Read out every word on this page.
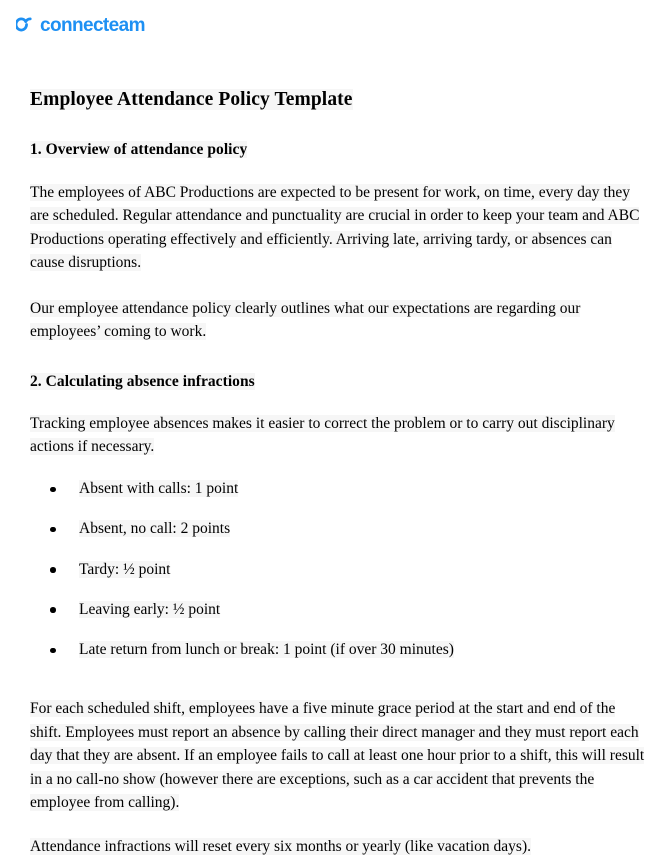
connecteam
Employee Attendance Policy Template
1. Overview of attendance policy

The employees of ABC Productions are expected to be present for work, on time, every day they are scheduled. Regular attendance and punctuality are crucial in order to keep your team and ABC Productions operating effectively and efficiently. Arriving late, arriving tardy, or absences can cause disruptions.

Our employee attendance policy clearly outlines what our expectations are regarding our employees’ coming to work.

2. Calculating absence infractions

Tracking employee absences makes it easier to correct the problem or to carry out disciplinary actions if necessary.

Absent with calls: 1 point
Absent, no call: 2 points
Tardy: ½ point
Leaving early: ½ point
Late return from lunch or break: 1 point (if over 30 minutes)

For each scheduled shift, employees have a five minute grace period at the start and end of the shift. Employees must report an absence by calling their direct manager and they must report each day that they are absent. If an employee fails to call at least one hour prior to a shift, this will result in a no call-no show (however there are exceptions, such as a car accident that prevents the employee from calling).

Attendance infractions will reset every six months or yearly (like vacation days).
